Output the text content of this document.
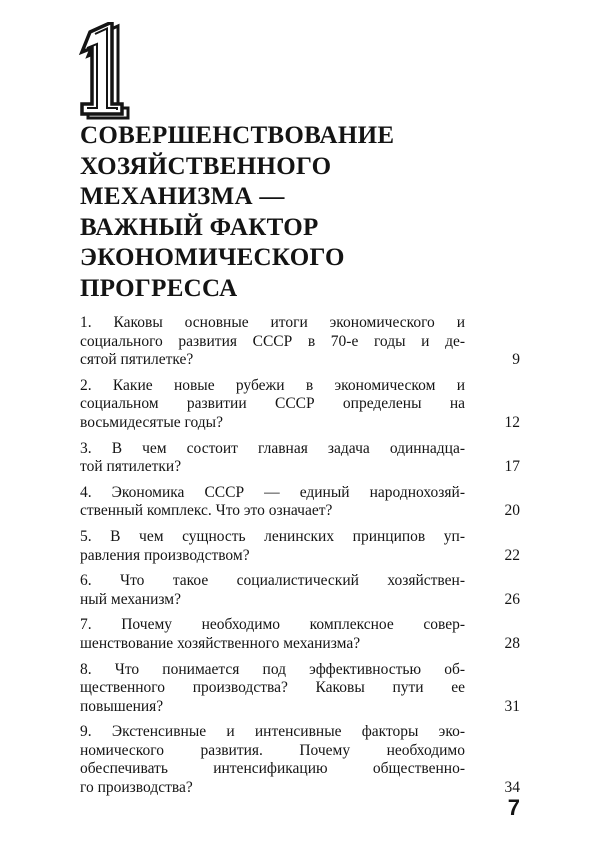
СОВЕРШЕНСТВОВАНИЕ
ХОЗЯЙСТВЕННОГО
МЕХАНИЗМА —
ВАЖНЫЙ ФАКТОР
ЭКОНОМИЧЕСКОГО
ПРОГРЕССА
1. Каковы основные итоги экономического и
социального развития СССР в 70-е годы и де-
сятой пятилетке?	9
2. Какие новые рубежи в экономическом и
социальном развитии СССР определены на
восьмидесятые годы?	12
3. В чем состоит главная задача одиннадца-
той пятилетки?	17
4. Экономика СССР — единый народнохозяй-
ственный комплекс. Что это означает?	20
5. В чем сущность ленинских принципов уп-
равления производством?	22
6. Что такое социалистический хозяйствен-
ный механизм?	26
7. Почему необходимо комплексное совер-
шенствование хозяйственного механизма?	28
8. Что понимается под эффективностью об-
щественного производства? Каковы пути ее
повышения?	31
9. Экстенсивные и интенсивные факторы эко-
номического развития. Почему необходимо
обеспечивать интенсификацию общественно-
го производства?	34
7
